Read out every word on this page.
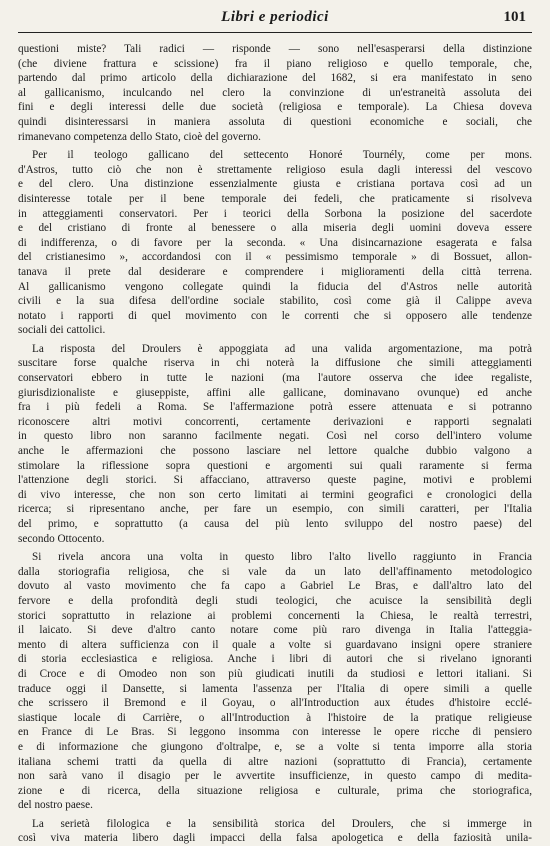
Libri e periodici	101
questioni miste? Tali radici — risponde — sono nell'esasperarsi della distinzione
(che diviene frattura e scissione) fra il piano religioso e quello temporale, che,
partendo dal primo articolo della dichiarazione del 1682, si era manifestato in seno
al gallicanismo, inculcando nel clero la convinzione di un'estraneità assoluta dei
fini e degli interessi delle due società (religiosa e temporale). La Chiesa doveva
quindi disinteressarsi in maniera assoluta di questioni economiche e sociali, che
rimanevano competenza dello Stato, cioè del governo.
Per il teologo gallicano del settecento Honoré Tournély, come per mons.
d'Astros, tutto ciò che non è strettamente religioso esula dagli interessi del vescovo
e del clero. Una distinzione essenzialmente giusta e cristiana portava così ad un
disinteresse totale per il bene temporale dei fedeli, che praticamente si risolveva
in atteggiamenti conservatori. Per i teorici della Sorbona la posizione del sacerdote
e del cristiano di fronte al benessere o alla miseria degli uomini doveva essere
di indifferenza, o di favore per la seconda. « Una disincarnazione esagerata e falsa
del cristianesimo », accordandosi con il « pessimismo temporale » di Bossuet, allon-
tanava il prete dal desiderare e comprendere i miglioramenti della città terrena.
Al gallicanismo vengono collegate quindi la fiducia del d'Astros nelle autorità
civili e la sua difesa dell'ordine sociale stabilito, così come già il Calippe aveva
notato i rapporti di quel movimento con le correnti che si opposero alle tendenze
sociali dei cattolici.
La risposta del Droulers è appoggiata ad una valida argomentazione, ma potrà
suscitare forse qualche riserva in chi noterà la diffusione che simili atteggiamenti
conservatori ebbero in tutte le nazioni (ma l'autore osserva che idee regaliste,
giurisdizionaliste e giuseppiste, affini alle gallicane, dominavano ovunque) ed anche
fra i più fedeli a Roma. Se l'affermazione potrà essere attenuata e si potranno
riconoscere altri motivi concorrenti, certamente derivazioni e rapporti segnalati
in questo libro non saranno facilmente negati. Così nel corso dell'intero volume
anche le affermazioni che possono lasciare nel lettore qualche dubbio valgono a
stimolare la riflessione sopra questioni e argomenti sui quali raramente si ferma
l'attenzione degli storici. Si affacciano, attraverso queste pagine, motivi e problemi
di vivo interesse, che non son certo limitati ai termini geografici e cronologici della
ricerca; si ripresentano anche, per fare un esempio, con simili caratteri, per l'Italia
del primo, e soprattutto (a causa del più lento sviluppo del nostro paese) del
secondo Ottocento.
Si rivela ancora una volta in questo libro l'alto livello raggiunto in Francia
dalla storiografia religiosa, che si vale da un lato dell'affinamento metodologico
dovuto al vasto movimento che fa capo a Gabriel Le Bras, e dall'altro lato del
fervore e della profondità degli studi teologici, che acuisce la sensibilità degli
storici soprattutto in relazione ai problemi concernenti la Chiesa, le realtà terrestri,
il laicato. Si deve d'altro canto notare come più raro divenga in Italia l'atteggia-
mento di altera sufficienza con il quale a volte si guardavano insigni opere straniere
di storia ecclesiastica e religiosa. Anche i libri di autori che si rivelano ignoranti
di Croce e di Omodeo non son più giudicati inutili da studiosi e lettori italiani. Si
traduce oggi il Dansette, si lamenta l'assenza per l'Italia di opere simili a quelle
che scrissero il Bremond e il Goyau, o all'Introduction aux études d'histoire ecclé-
siastique locale di Carrière, o all'Introduction à l'histoire de la pratique religieuse
en France di Le Bras. Si leggono insomma con interesse le opere ricche di pensiero
e di informazione che giungono d'oltralpe, e, se a volte si tenta imporre alla storia
italiana schemi tratti da quella di altre nazioni (soprattutto di Francia), certamente
non sarà vano il disagio per le avvertite insufficienze, in questo campo di medita-
zione e di ricerca, della situazione religiosa e culturale, prima che storiografica,
del nostro paese.
La serietà filologica e la sensibilità storica del Droulers, che si immerge in
così viva materia libero dagli impacci della falsa apologetica e della faziosità unila-
